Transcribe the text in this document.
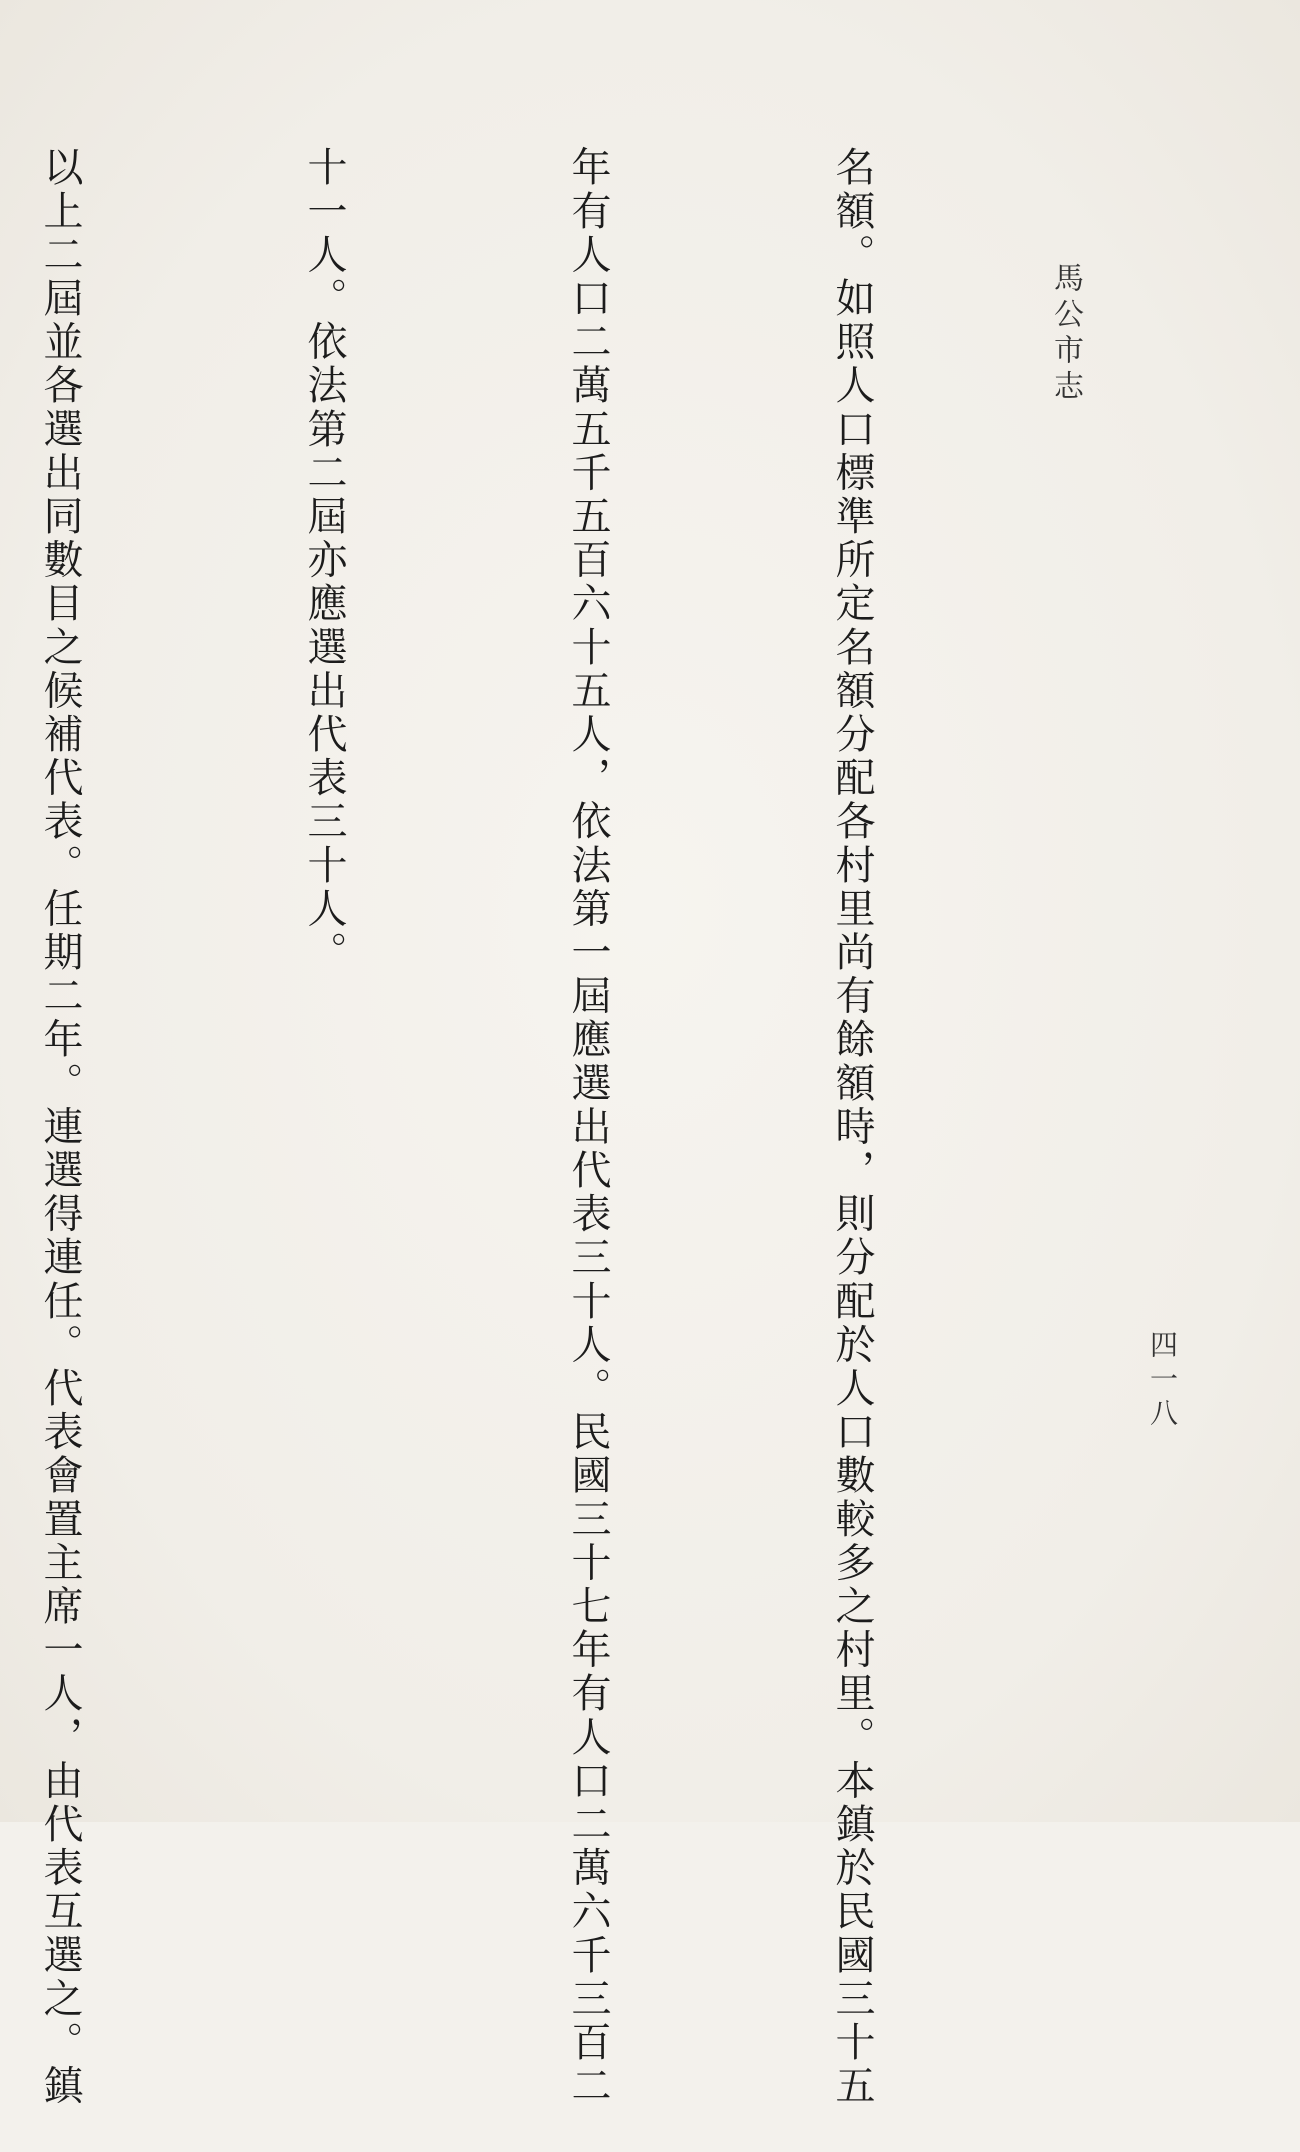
馬公市志
四一八

名額。如照人口標準所定名額分配各村里尚有餘額時，則分配於人口數較多之村里。本鎮於民國三十五

年有人口二萬五千五百六十五人，依法第一屆應選出代表三十人。民國三十七年有人口二萬六千三百二

十一人。依法第二屆亦應選出代表三十人。

以上二屆並各選出同數目之候補代表。任期二年。連選得連任。代表會置主席一人，由代表互選之。鎮
